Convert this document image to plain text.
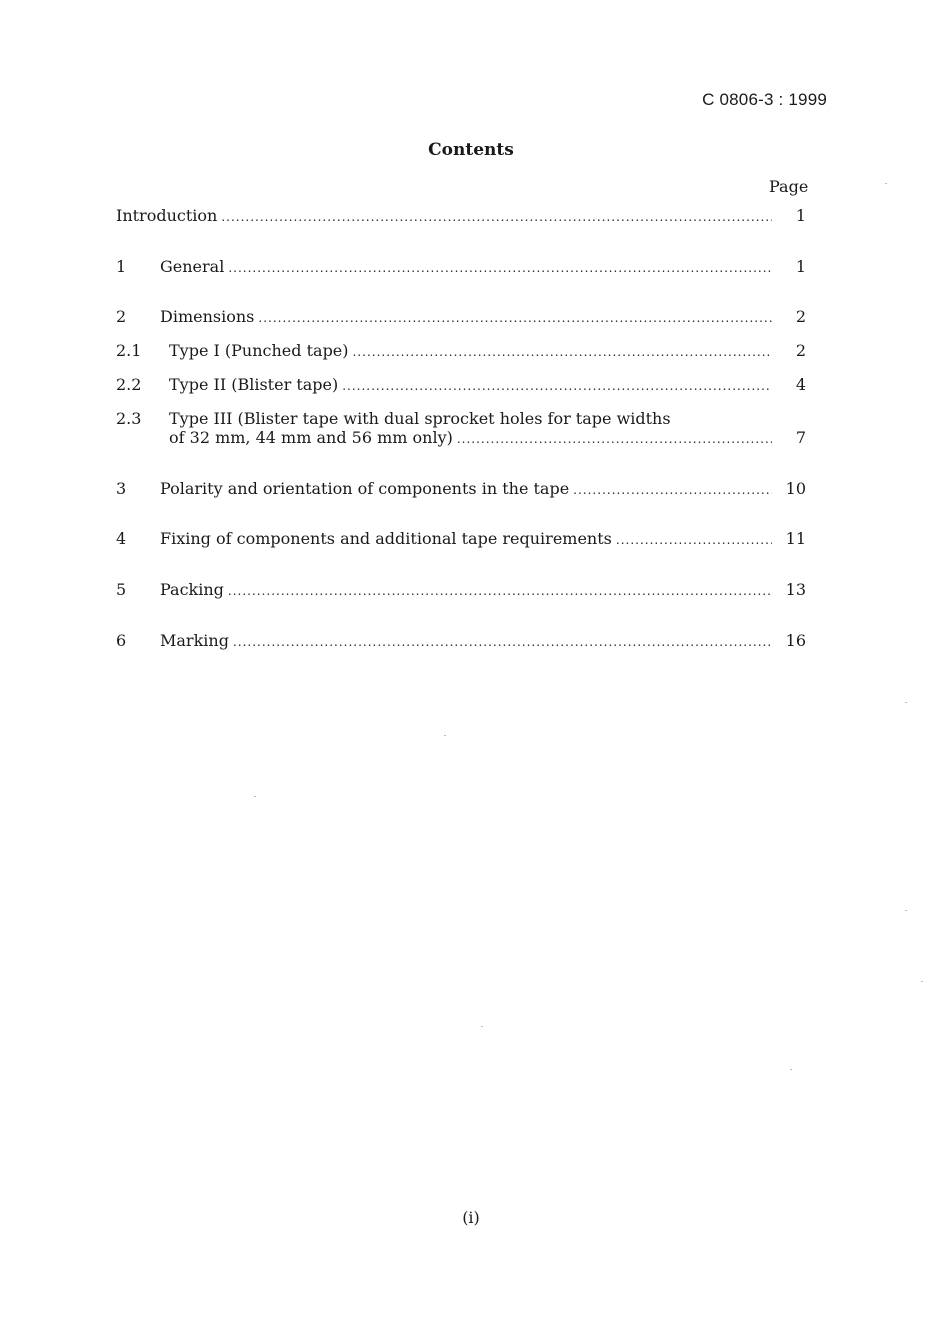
C 0806-3 : 1999
Contents
Page
Introduction .....	1
1 General .....	1
2 Dimensions .....	2
2.1 Type I (Punched tape) .....	2
2.2 Type II (Blister tape) .....	4
2.3 Type III (Blister tape with dual sprocket holes for tape widths
of 32 mm, 44 mm and 56 mm only) .....	7
3 Polarity and orientation of components in the tape .....	10
4 Fixing of components and additional tape requirements .....	11
5 Packing .....	13
6 Marking .....	16
(i)
